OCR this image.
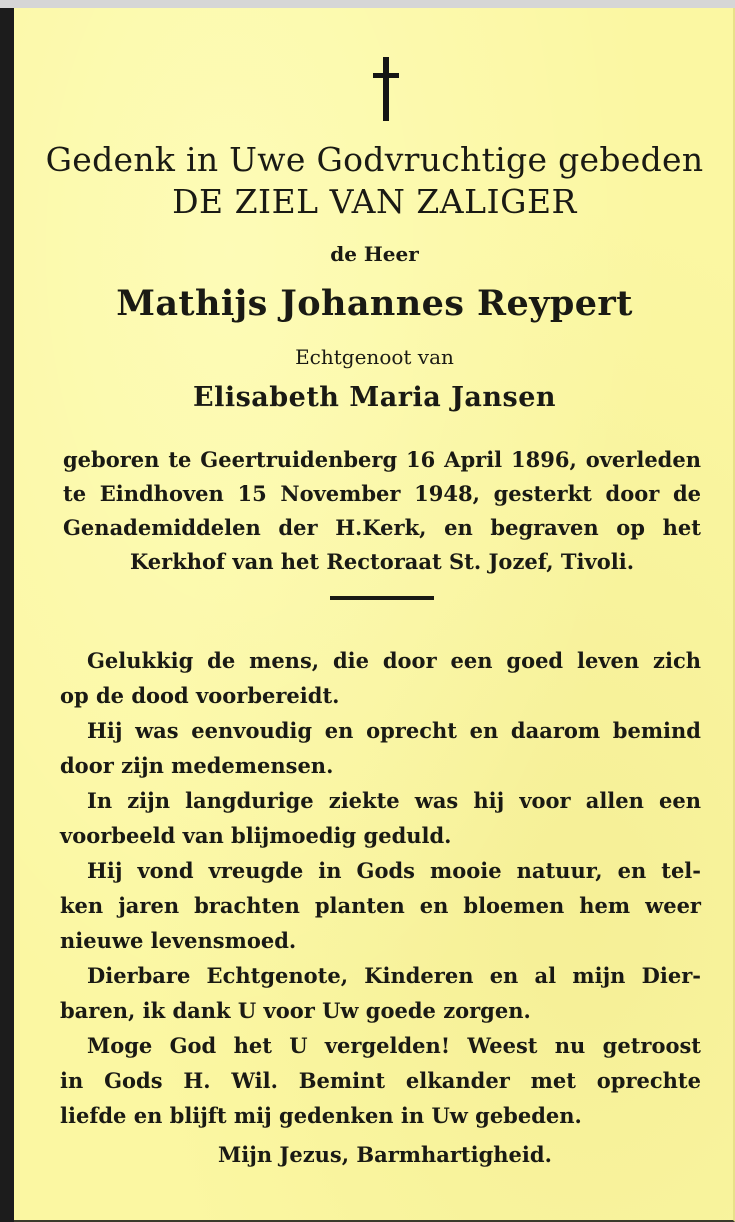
Gedenk in Uwe Godvruchtige gebeden

DE ZIEL VAN ZALIGER

de Heer

Mathijs Johannes Reypert

Echtgenoot van

Elisabeth Maria Jansen

geboren te Geertruidenberg 16 April 1896, overleden
te Eindhoven 15 November 1948, gesterkt door de
Genademiddelen der H.Kerk, en begraven op het
Kerkhof van het Rectoraat St. Jozef, Tivoli.
Gelukkig de mens, die door een goed leven zich
op de dood voorbereidt.
Hij was eenvoudig en oprecht en daarom bemind
door zijn medemensen.
In zijn langdurige ziekte was hij voor allen een
voorbeeld van blijmoedig geduld.
Hij vond vreugde in Gods mooie natuur, en tel-
ken jaren brachten planten en bloemen hem weer
nieuwe levensmoed.
Dierbare Echtgenote, Kinderen en al mijn Dier-
baren, ik dank U voor Uw goede zorgen.
Moge God het U vergelden! Weest nu getroost
in Gods H. Wil. Bemint elkander met oprechte
liefde en blijft mij gedenken in Uw gebeden.

Mijn Jezus, Barmhartigheid.
